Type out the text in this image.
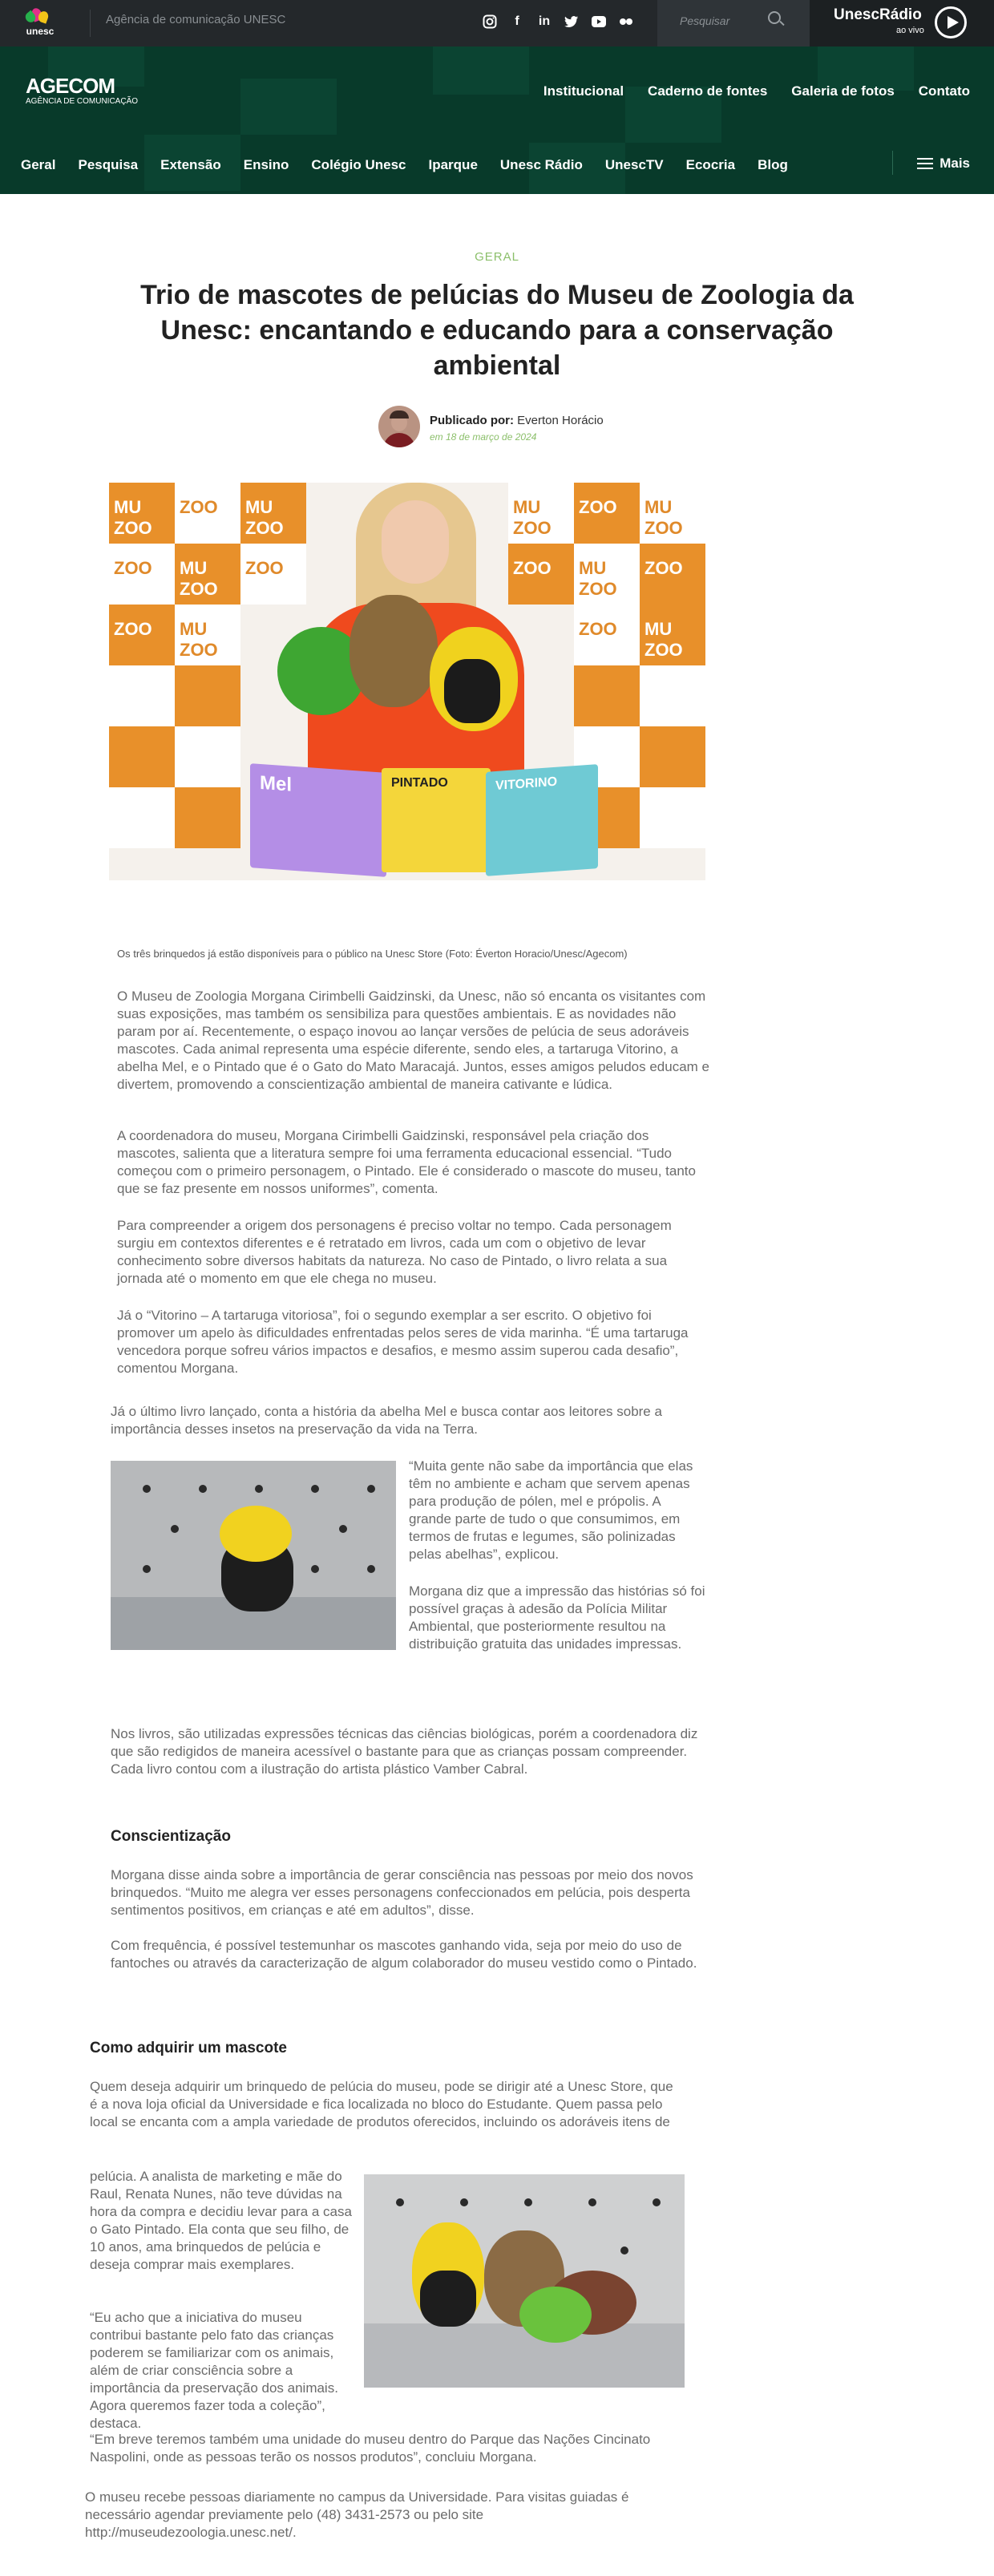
unesc
Agência de comunicação UNESC	f	in	Pesquisar	UnescRádio
ao vivo
AGECOM
AGÊNCIA DE COMUNICAÇÃO
Institucional Caderno de fontes Galeria de fotos Contato
Geral Pesquisa Extensão Ensino Colégio Unesc Iparque Unesc Rádio UnescTV Ecocria Blog	Mais
GERAL
Trio de mascotes de pelúcias do Museu de Zoologia da Unesc: encantando e educando para a conservação ambiental
Publicado por: Everton Horácio
em 18 de março de 2024
MU ZOO
ZOO MU ZOO
ZOO MU ZOO
ZOO
ZOO MU ZOO
MU ZOO
ZOO MU ZOO
ZOO MU ZOO
ZOO
ZOO MU ZOO
Mel	PINTADO	VITORINO
Os três brinquedos já estão disponíveis para o público na Unesc Store (Foto: Éverton Horacio/Unesc/Agecom)

O Museu de Zoologia Morgana Cirimbelli Gaidzinski, da Unesc, não só encanta os visitantes com suas exposições, mas também os sensibiliza para questões ambientais. E as novidades não param por aí. Recentemente, o espaço inovou ao lançar versões de pelúcia de seus adoráveis mascotes. Cada animal representa uma espécie diferente, sendo eles, a tartaruga Vitorino, a abelha Mel, e o Pintado que é o Gato do Mato Maracajá. Juntos, esses amigos peludos educam e divertem, promovendo a conscientização ambiental de maneira cativante e lúdica.

A coordenadora do museu, Morgana Cirimbelli Gaidzinski, responsável pela criação dos mascotes, salienta que a literatura sempre foi uma ferramenta educacional essencial. “Tudo começou com o primeiro personagem, o Pintado. Ele é considerado o mascote do museu, tanto que se faz presente em nossos uniformes”, comenta.

Para compreender a origem dos personagens é preciso voltar no tempo. Cada personagem surgiu em contextos diferentes e é retratado em livros, cada um com o objetivo de levar conhecimento sobre diversos habitats da natureza. No caso de Pintado, o livro relata a sua jornada até o momento em que ele chega no museu.

Já o “Vitorino – A tartaruga vitoriosa”, foi o segundo exemplar a ser escrito. O objetivo foi promover um apelo às dificuldades enfrentadas pelos seres de vida marinha. “É uma tartaruga vencedora porque sofreu vários impactos e desafios, e mesmo assim superou cada desafio”, comentou Morgana.

Já o último livro lançado, conta a história da abelha Mel e busca contar aos leitores sobre a importância desses insetos na preservação da vida na Terra.

“Muita gente não sabe da importância que elas têm no ambiente e acham que servem apenas para produção de pólen, mel e própolis. A grande parte de tudo o que consumimos, em termos de frutas e legumes, são polinizadas pelas abelhas”, explicou.

Morgana diz que a impressão das histórias só foi possível graças à adesão da Polícia Militar Ambiental, que posteriormente resultou na distribuição gratuita das unidades impressas.

Nos livros, são utilizadas expressões técnicas das ciências biológicas, porém a coordenadora diz que são redigidos de maneira acessível o bastante para que as crianças possam compreender. Cada livro contou com a ilustração do artista plástico Vamber Cabral.

Conscientização

Morgana disse ainda sobre a importância de gerar consciência nas pessoas por meio dos novos brinquedos. “Muito me alegra ver esses personagens confeccionados em pelúcia, pois desperta sentimentos positivos, em crianças e até em adultos”, disse.

Com frequência, é possível testemunhar os mascotes ganhando vida, seja por meio do uso de fantoches ou através da caracterização de algum colaborador do museu vestido como o Pintado.

Como adquirir um mascote

Quem deseja adquirir um brinquedo de pelúcia do museu, pode se dirigir até a Unesc Store, que é a nova loja oficial da Universidade e fica localizada no bloco do Estudante. Quem passa pelo local se encanta com a ampla variedade de produtos oferecidos, incluindo os adoráveis itens de

pelúcia. A analista de marketing e mãe do Raul, Renata Nunes, não teve dúvidas na hora da compra e decidiu levar para a casa o Gato Pintado. Ela conta que seu filho, de 10 anos, ama brinquedos de pelúcia e deseja comprar mais exemplares.

“Eu acho que a iniciativa do museu contribui bastante pelo fato das crianças poderem se familiarizar com os animais, além de criar consciência sobre a importância da preservação dos animais. Agora queremos fazer toda a coleção”, destaca.

“Em breve teremos também uma unidade do museu dentro do Parque das Nações Cincinato Naspolini, onde as pessoas terão os nossos produtos”, concluiu Morgana.

O museu recebe pessoas diariamente no campus da Universidade. Para visitas guiadas é necessário agendar previamente pelo (48) 3431-2573 ou pelo site http://museudezoologia.unesc.net/.
